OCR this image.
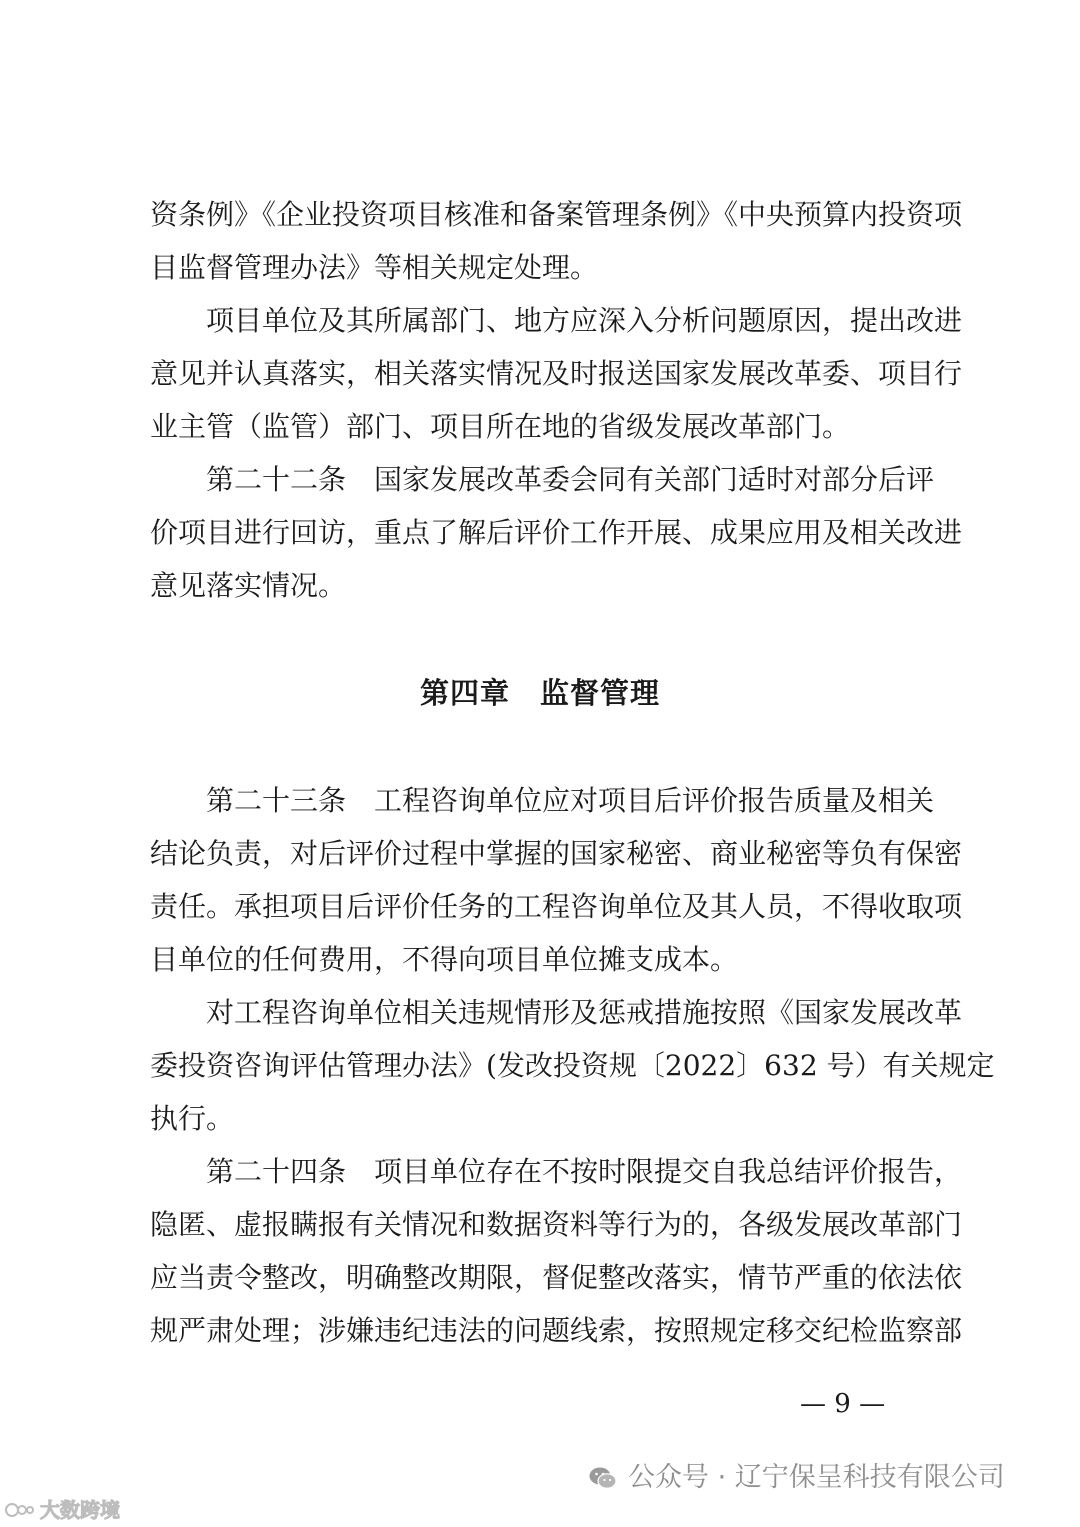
资条例》《企业投资项目核准和备案管理条例》《中央预算内投资项
目监督管理办法》等相关规定处理。
项目单位及其所属部门、地方应深入分析问题原因，提出改进
意见并认真落实，相关落实情况及时报送国家发展改革委、项目行
业主管（监管）部门、项目所在地的省级发展改革部门。
第二十二条　国家发展改革委会同有关部门适时对部分后评
价项目进行回访，重点了解后评价工作开展、成果应用及相关改进
意见落实情况。
第四章　监督管理
第二十三条　工程咨询单位应对项目后评价报告质量及相关
结论负责，对后评价过程中掌握的国家秘密、商业秘密等负有保密
责任。承担项目后评价任务的工程咨询单位及其人员，不得收取项
目单位的任何费用，不得向项目单位摊支成本。
对工程咨询单位相关违规情形及惩戒措施按照《国家发展改革
委投资咨询评估管理办法》(发改投资规〔2022〕632 号）有关规定
执行。
第二十四条　项目单位存在不按时限提交自我总结评价报告，
隐匿、虚报瞒报有关情况和数据资料等行为的，各级发展改革部门
应当责令整改，明确整改期限，督促整改落实，情节严重的依法依
规严肃处理；涉嫌违纪违法的问题线索，按照规定移交纪检监察部
— 9 —
公众号 · 辽宁保呈科技有限公司
大数跨境
